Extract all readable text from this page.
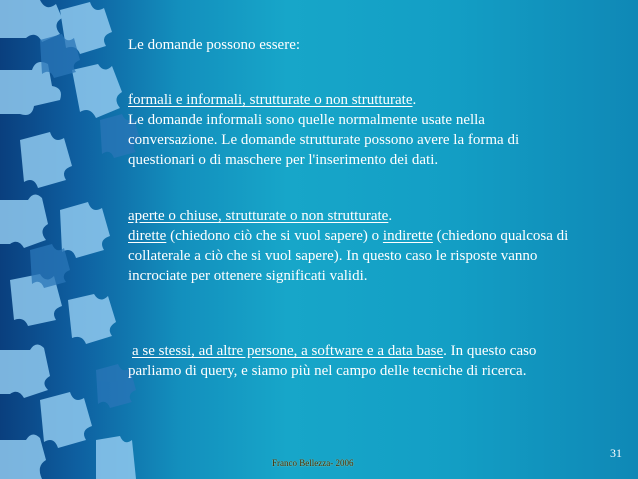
Le domande possono essere:
formali e informali, strutturate o non strutturate.
Le domande informali sono quelle normalmente usate nella
conversazione. Le domande strutturate possono avere la forma di
questionari o di maschere per l'inserimento dei dati.
aperte o chiuse, strutturate o non strutturate.
dirette (chiedono ciò che si vuol sapere) o indirette (chiedono qualcosa di
collaterale a ciò che si vuol sapere). In questo caso le risposte vanno
incrociate per ottenere significati validi.
a se stessi, ad altre persone, a software e a data base. In questo caso
parliamo di query, e siamo più nel campo delle tecniche di ricerca.
31
Franco Bellezza- 2006
